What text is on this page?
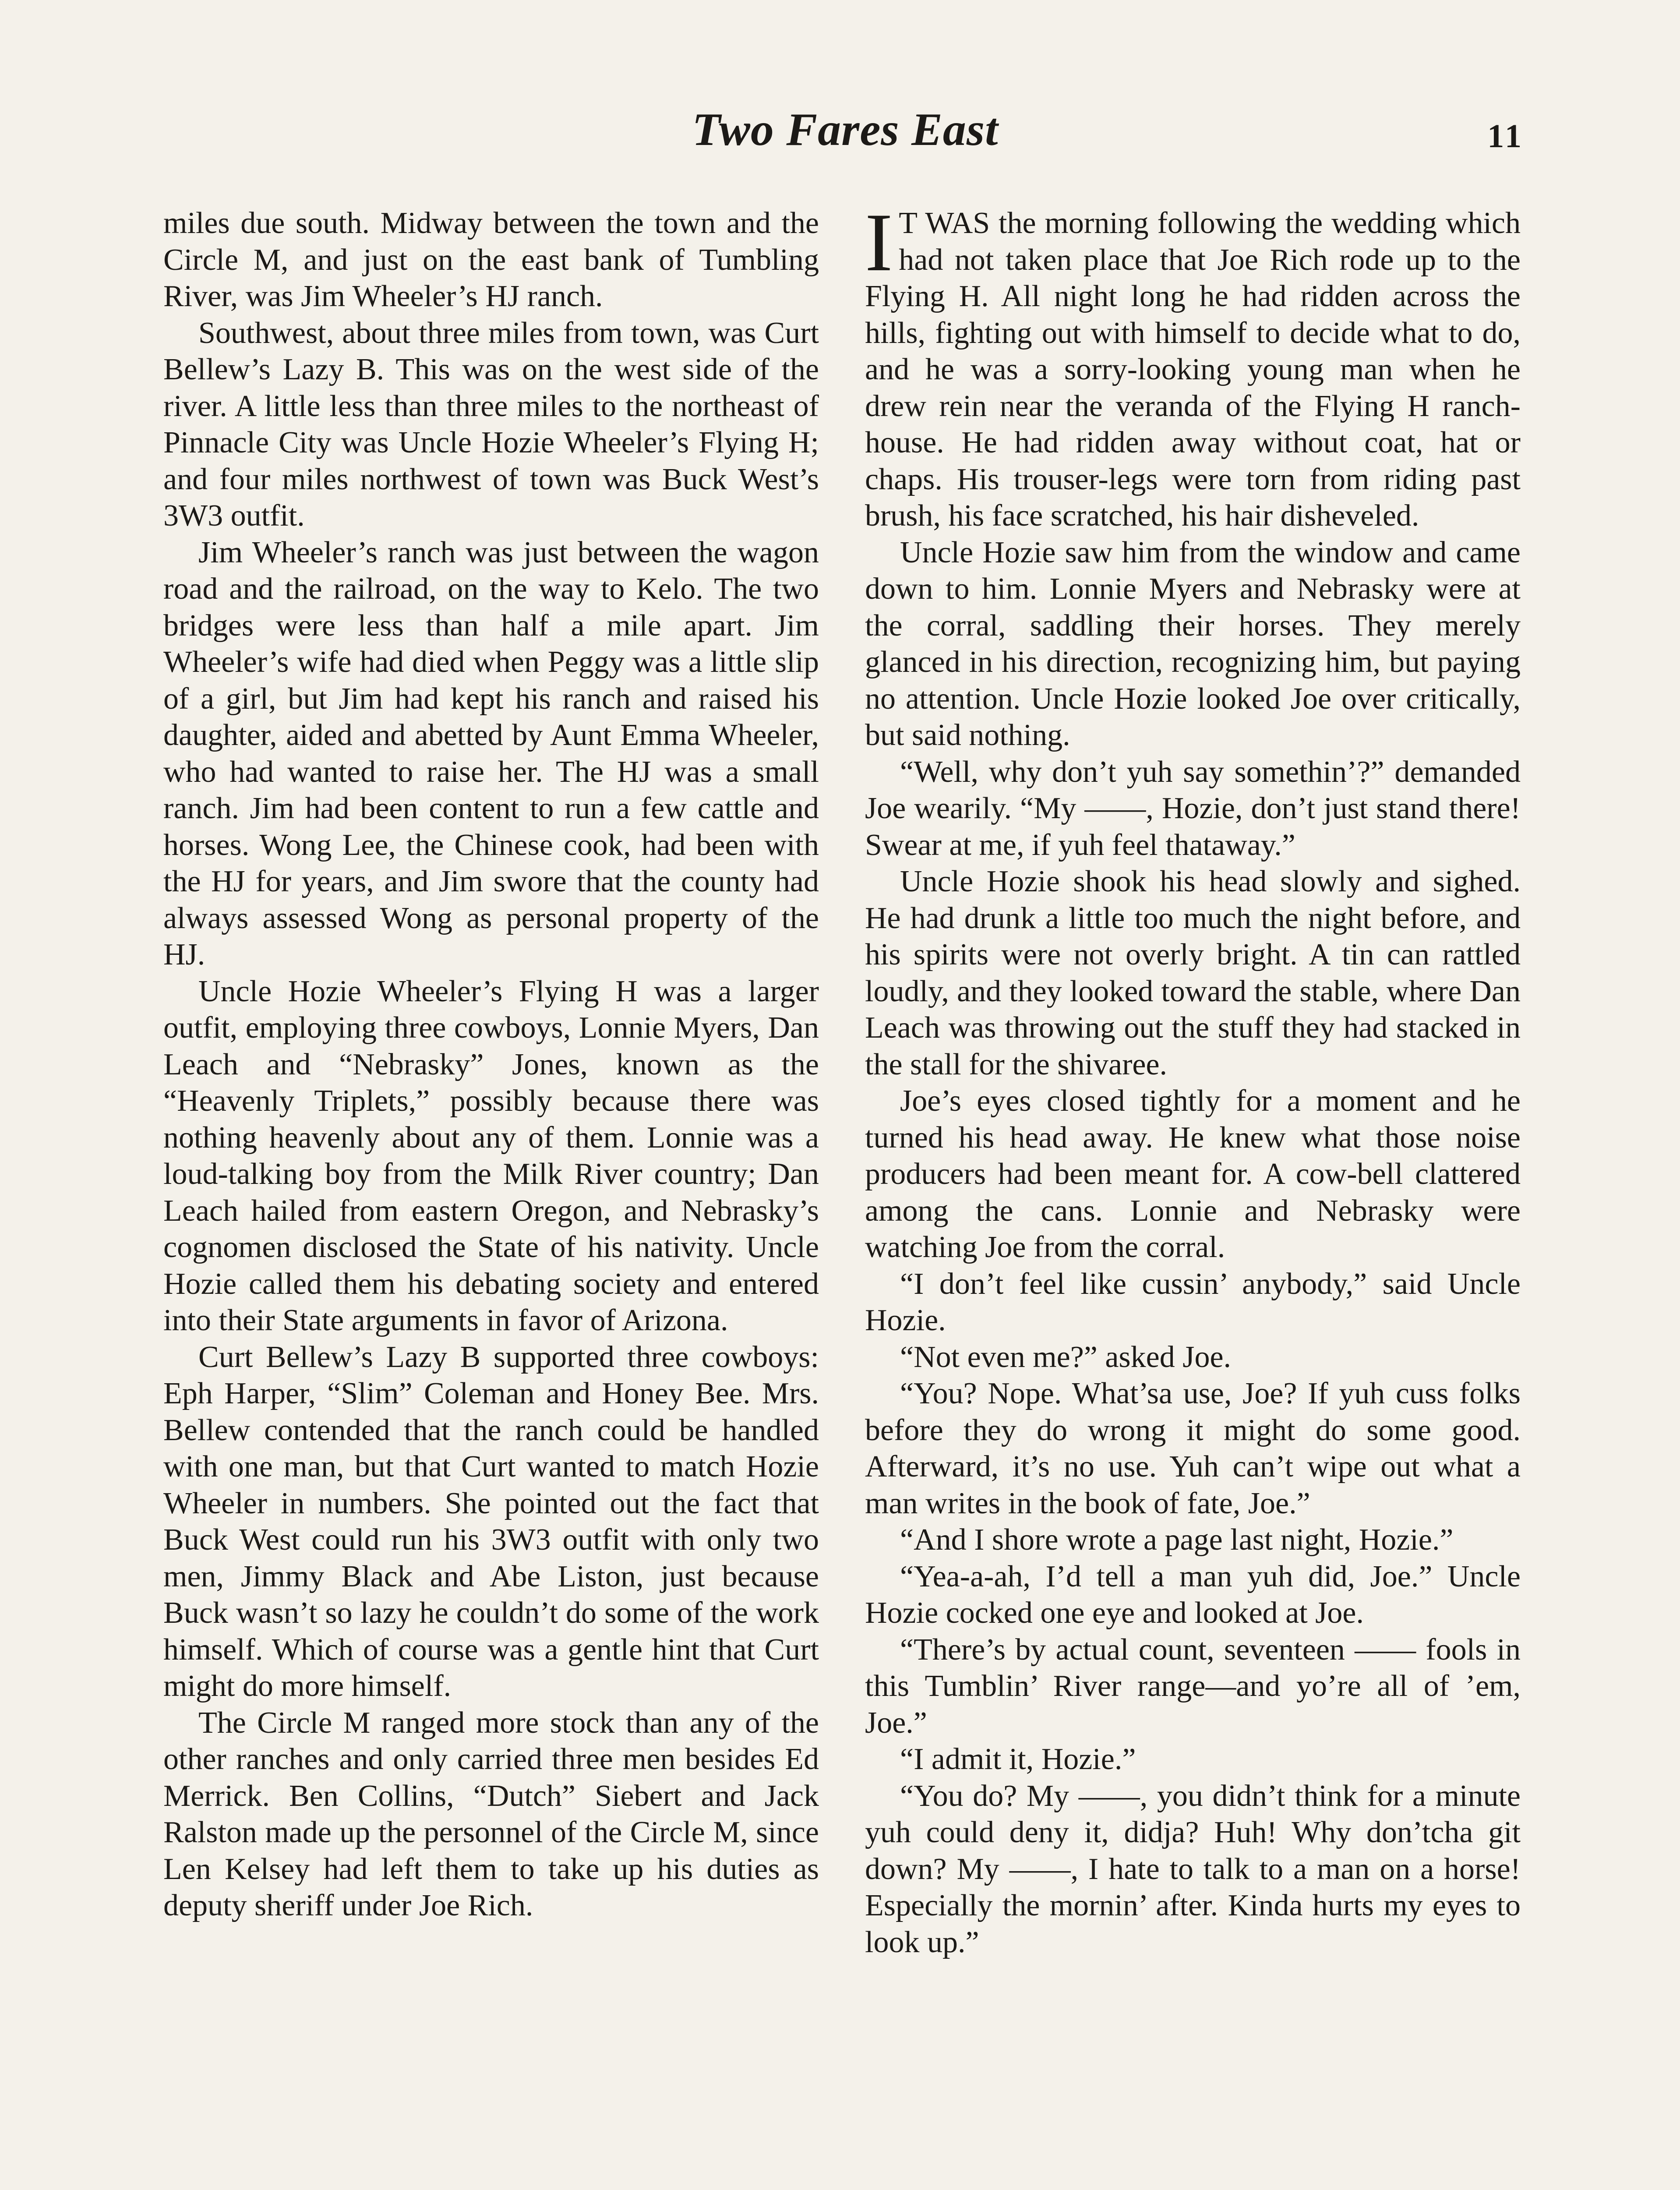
Two Fares East	11

miles due south. Midway between the town and the Circle M, and just on the east bank of Tumbling River, was Jim Wheeler’s HJ ranch.

Southwest, about three miles from town, was Curt Bellew’s Lazy B. This was on the west side of the river. A little less than three miles to the northeast of Pinnacle City was Uncle Hozie Wheeler’s Flying H; and four miles northwest of town was Buck West’s 3W3 outfit.

Jim Wheeler’s ranch was just between the wagon road and the railroad, on the way to Kelo. The two bridges were less than half a mile apart. Jim Wheeler’s wife had died when Peggy was a little slip of a girl, but Jim had kept his ranch and raised his daughter, aided and abetted by Aunt Emma Wheeler, who had wanted to raise her. The HJ was a small ranch. Jim had been content to run a few cattle and horses. Wong Lee, the Chinese cook, had been with the HJ for years, and Jim swore that the county had always assessed Wong as personal property of the HJ.

Uncle Hozie Wheeler’s Flying H was a larger outfit, employing three cowboys, Lonnie Myers, Dan Leach and “Nebrasky” Jones, known as the “Heavenly Triplets,” possibly because there was nothing heavenly about any of them. Lonnie was a loud-talking boy from the Milk River country; Dan Leach hailed from eastern Oregon, and Nebrasky’s cognomen disclosed the State of his nativity. Uncle Hozie called them his debating society and entered into their State arguments in favor of Arizona.

Curt Bellew’s Lazy B supported three cowboys: Eph Harper, “Slim” Coleman and Honey Bee. Mrs. Bellew contended that the ranch could be handled with one man, but that Curt wanted to match Hozie Wheeler in numbers. She pointed out the fact that Buck West could run his 3W3 outfit with only two men, Jimmy Black and Abe Liston, just because Buck wasn’t so lazy he couldn’t do some of the work himself. Which of course was a gentle hint that Curt might do more himself.

The Circle M ranged more stock than any of the other ranches and only carried three men besides Ed Merrick. Ben Collins, “Dutch” Siebert and Jack Ralston made up the personnel of the Circle M, since Len Kelsey had left them to take up his duties as deputy sheriff under Joe Rich.

I T WAS the morning following the wedding which had not taken place that Joe Rich rode up to the Flying H. All night long he had ridden across the hills, fighting out with himself to decide what to do, and he was a sorry-looking young man when he drew rein near the veranda of the Flying H ranch-house. He had ridden away without coat, hat or chaps. His trouser-legs were torn from riding past brush, his face scratched, his hair disheveled.

Uncle Hozie saw him from the window and came down to him. Lonnie Myers and Nebrasky were at the corral, saddling their horses. They merely glanced in his direction, recognizing him, but paying no attention. Uncle Hozie looked Joe over critically, but said nothing.

“Well, why don’t yuh say somethin’?” demanded Joe wearily. “My ——, Hozie, don’t just stand there! Swear at me, if yuh feel thataway.”

Uncle Hozie shook his head slowly and sighed. He had drunk a little too much the night before, and his spirits were not overly bright. A tin can rattled loudly, and they looked toward the stable, where Dan Leach was throwing out the stuff they had stacked in the stall for the shivaree.

Joe’s eyes closed tightly for a moment and he turned his head away. He knew what those noise producers had been meant for. A cow-bell clattered among the cans. Lonnie and Nebrasky were watching Joe from the corral.

“I don’t feel like cussin’ anybody,” said Uncle Hozie.

“Not even me?” asked Joe.

“You? Nope. What’sa use, Joe? If yuh cuss folks before they do wrong it might do some good. Afterward, it’s no use. Yuh can’t wipe out what a man writes in the book of fate, Joe.”

“And I shore wrote a page last night, Hozie.”

“Yea-a-ah, I’d tell a man yuh did, Joe.” Uncle Hozie cocked one eye and looked at Joe.

“There’s by actual count, seventeen —— fools in this Tumblin’ River range—and yo’re all of ’em, Joe.”

“I admit it, Hozie.”

“You do? My ——, you didn’t think for a minute yuh could deny it, didja? Huh! Why don’tcha git down? My ——, I hate to talk to a man on a horse! Especially the mornin’ after. Kinda hurts my eyes to look up.”
